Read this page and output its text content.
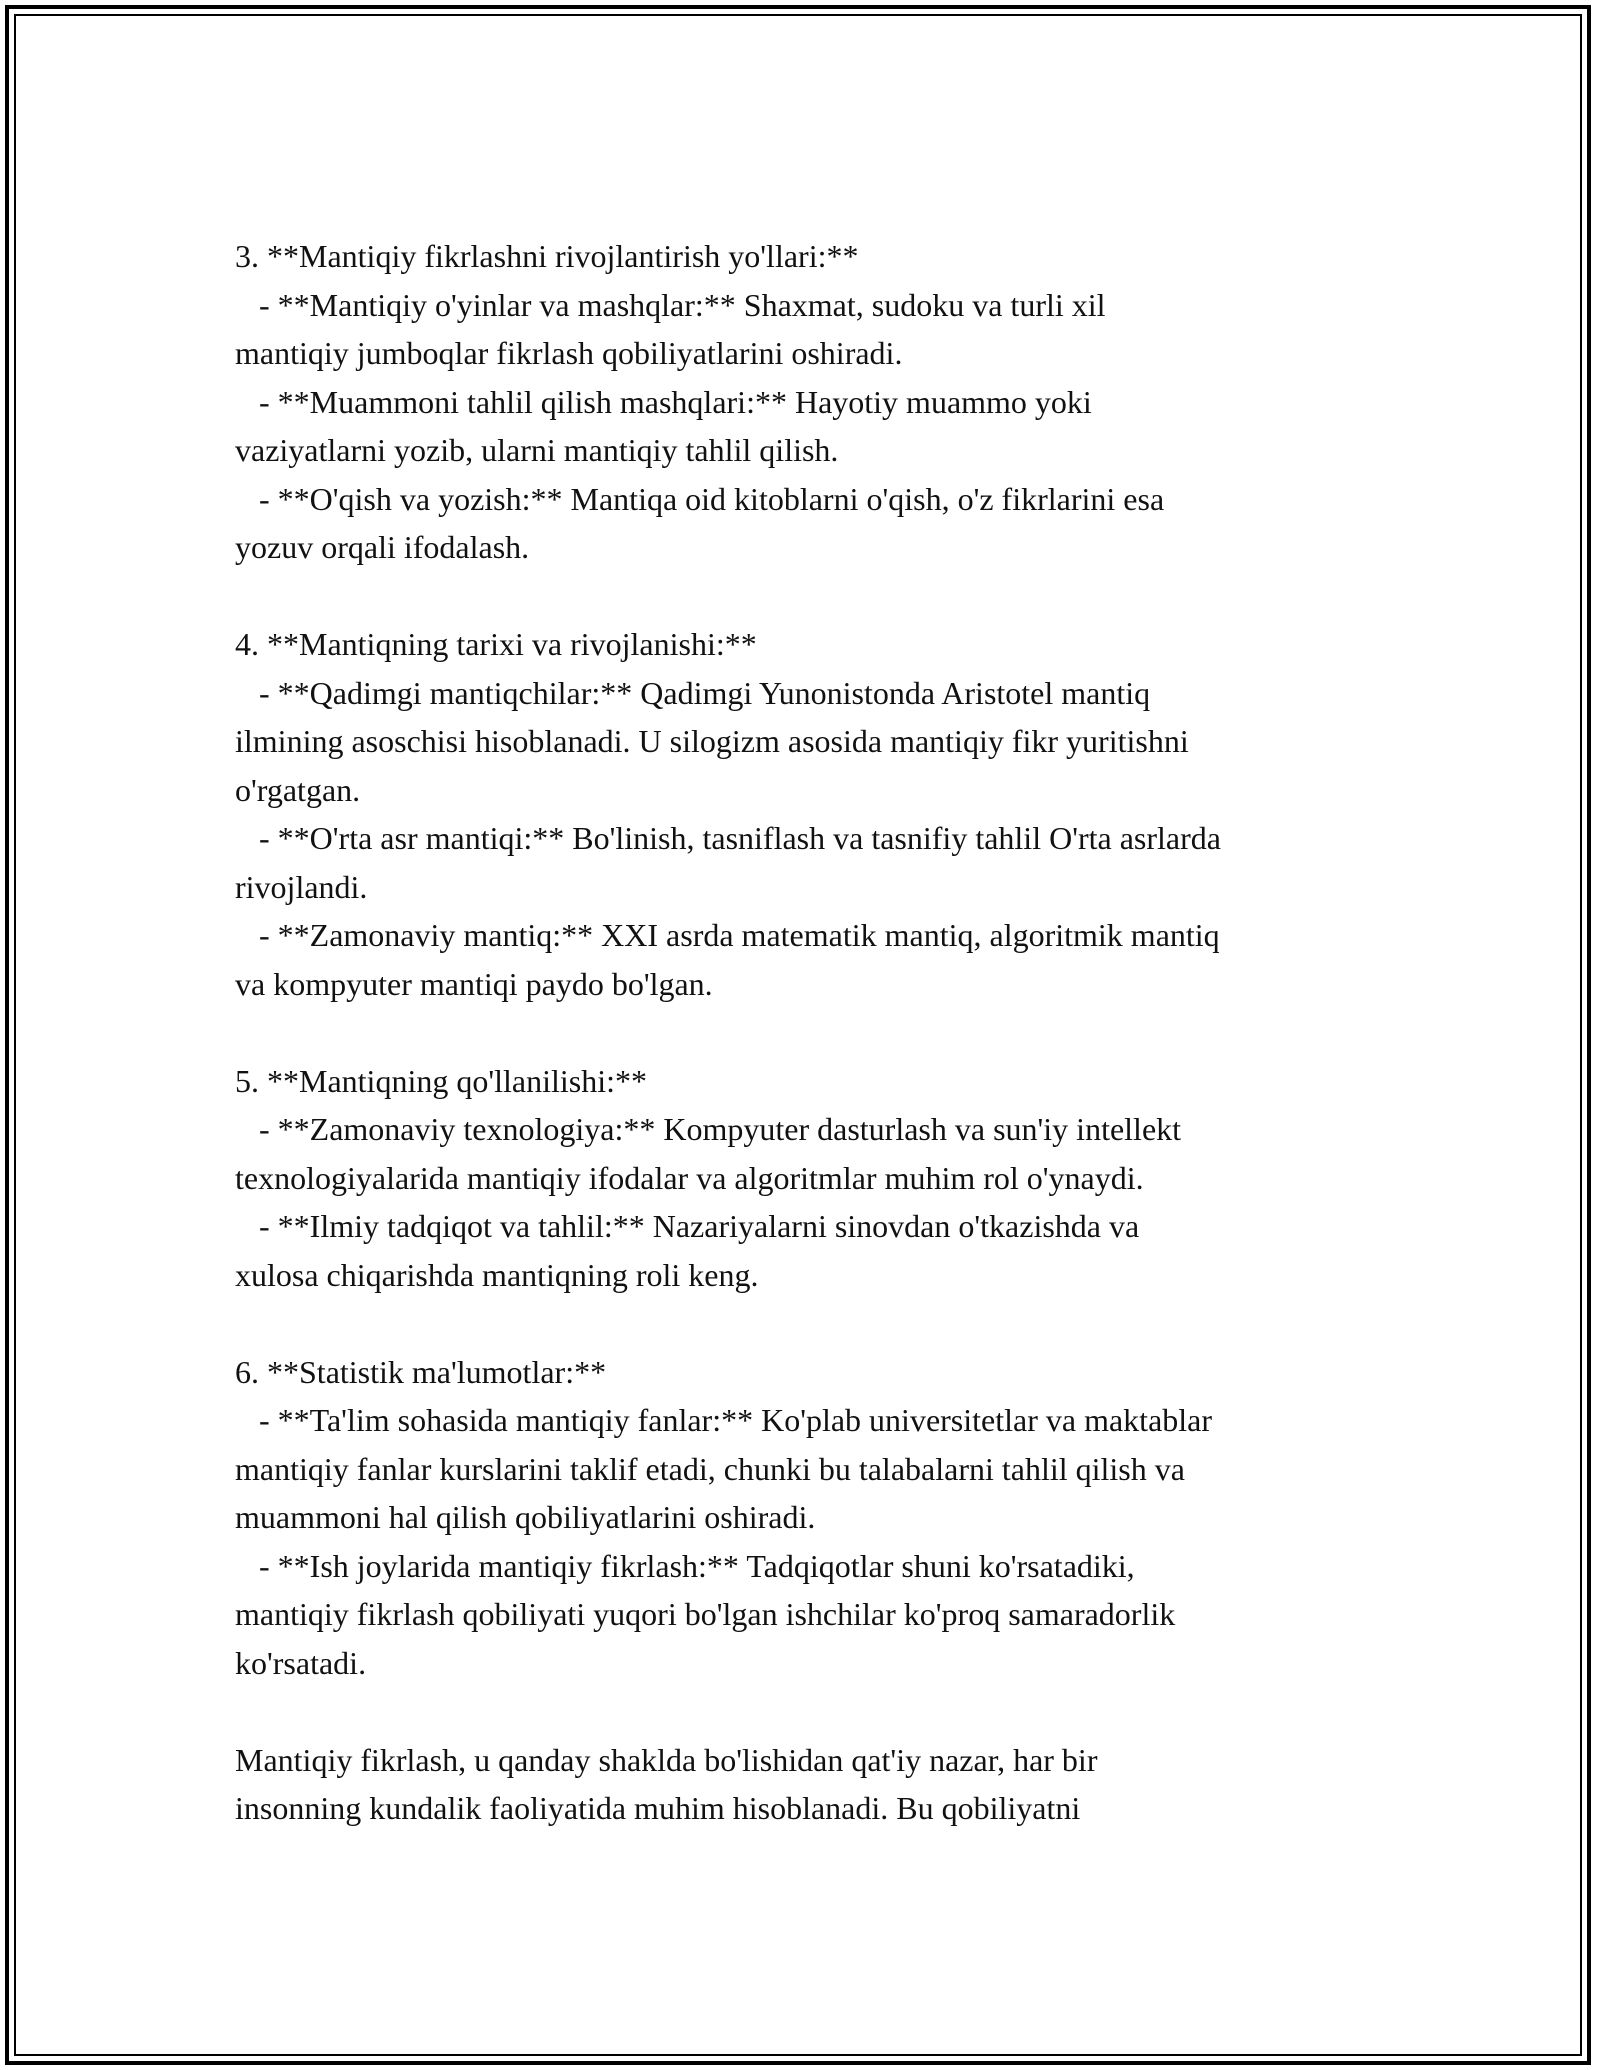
3. **Mantiqiy fikrlashni rivojlantirish yo'llari:**
- **Mantiqiy o'yinlar va mashqlar:** Shaxmat, sudoku va turli xil
mantiqiy jumboqlar fikrlash qobiliyatlarini oshiradi.
- **Muammoni tahlil qilish mashqlari:** Hayotiy muammo yoki
vaziyatlarni yozib, ularni mantiqiy tahlil qilish.
- **O'qish va yozish:** Mantiqa oid kitoblarni o'qish, o'z fikrlarini esa
yozuv orqali ifodalash.
4. **Mantiqning tarixi va rivojlanishi:**
- **Qadimgi mantiqchilar:** Qadimgi Yunonistonda Aristotel mantiq
ilmining asoschisi hisoblanadi. U silogizm asosida mantiqiy fikr yuritishni
o'rgatgan.
- **O'rta asr mantiqi:** Bo'linish, tasniflash va tasnifiy tahlil O'rta asrlarda
rivojlandi.
- **Zamonaviy mantiq:** XXI asrda matematik mantiq, algoritmik mantiq
va kompyuter mantiqi paydo bo'lgan.
5. **Mantiqning qo'llanilishi:**
- **Zamonaviy texnologiya:** Kompyuter dasturlash va sun'iy intellekt
texnologiyalarida mantiqiy ifodalar va algoritmlar muhim rol o'ynaydi.
- **Ilmiy tadqiqot va tahlil:** Nazariyalarni sinovdan o'tkazishda va
xulosa chiqarishda mantiqning roli keng.
6. **Statistik ma'lumotlar:**
- **Ta'lim sohasida mantiqiy fanlar:** Ko'plab universitetlar va maktablar
mantiqiy fanlar kurslarini taklif etadi, chunki bu talabalarni tahlil qilish va
muammoni hal qilish qobiliyatlarini oshiradi.
- **Ish joylarida mantiqiy fikrlash:** Tadqiqotlar shuni ko'rsatadiki,
mantiqiy fikrlash qobiliyati yuqori bo'lgan ishchilar ko'proq samaradorlik
ko'rsatadi.
Mantiqiy fikrlash, u qanday shaklda bo'lishidan qat'iy nazar, har bir
insonning kundalik faoliyatida muhim hisoblanadi. Bu qobiliyatni
